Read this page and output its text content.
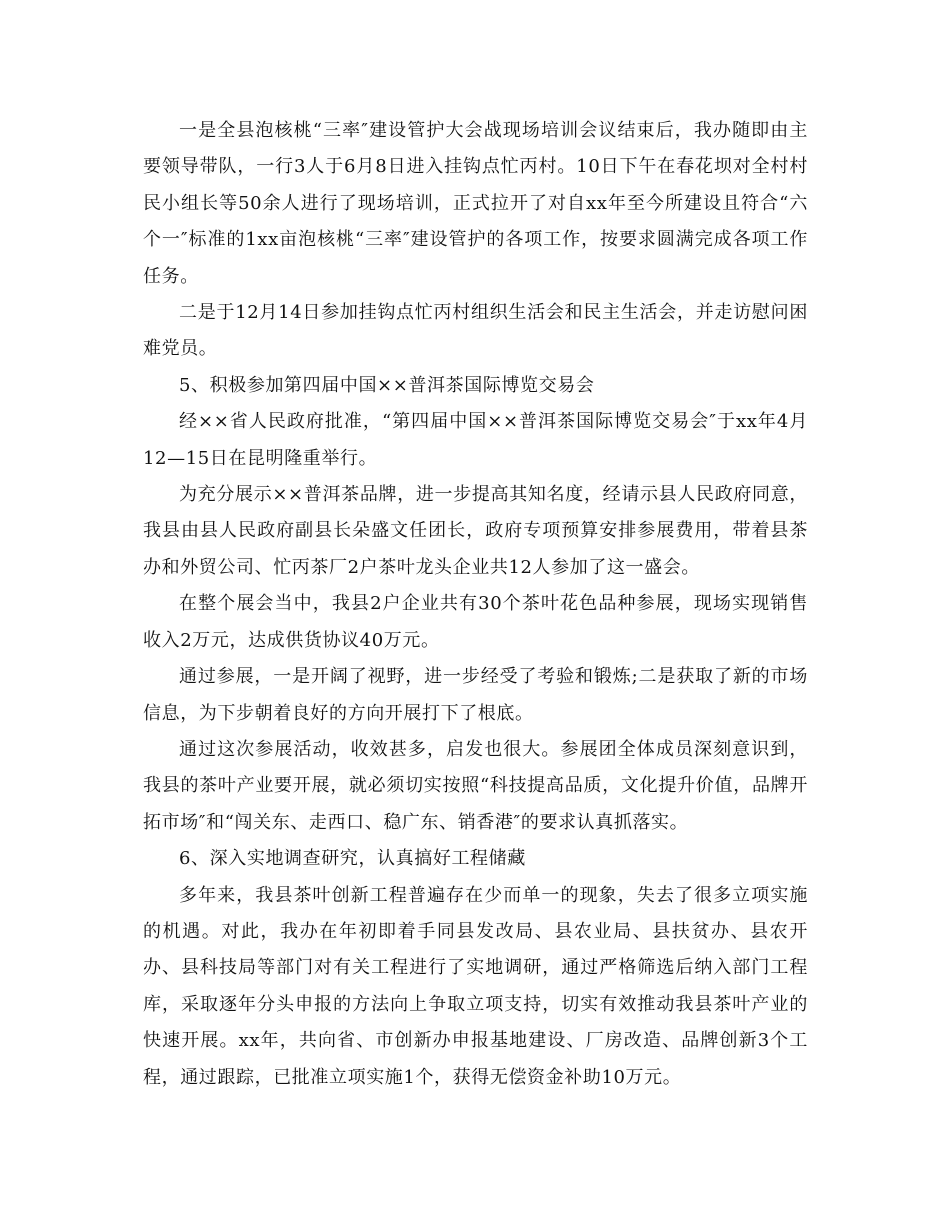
一是全县泡核桃“三率″建设管护大会战现场培训会议结束后，我办随即由主要领导带队，一行3人于6月8日进入挂钩点忙丙村。10日下午在春花坝对全村村民小组长等50余人进行了现场培训，正式拉开了对自xx年至今所建设且符合“六个一″标准的1xx亩泡核桃“三率″建设管护的各项工作，按要求圆满完成各项工作任务。

二是于12月14日参加挂钩点忙丙村组织生活会和民主生活会，并走访慰问困难党员。

5、积极参加第四届中国××普洱茶国际博览交易会

经××省人民政府批准，“第四届中国××普洱茶国际博览交易会″于xx年4月12—15日在昆明隆重举行。

为充分展示××普洱茶品牌，进一步提高其知名度，经请示县人民政府同意，我县由县人民政府副县长朵盛文任团长，政府专项预算安排参展费用，带着县茶办和外贸公司、忙丙茶厂2户茶叶龙头企业共12人参加了这一盛会。

在整个展会当中，我县2户企业共有30个茶叶花色品种参展，现场实现销售收入2万元，达成供货协议40万元。

通过参展，一是开阔了视野，进一步经受了考验和锻炼;二是获取了新的市场信息，为下步朝着良好的方向开展打下了根底。

通过这次参展活动，收效甚多，启发也很大。参展团全体成员深刻意识到，我县的茶叶产业要开展，就必须切实按照“科技提高品质，文化提升价值，品牌开拓市场″和“闯关东、走西口、稳广东、销香港″的要求认真抓落实。

6、深入实地调查研究，认真搞好工程储藏

多年来，我县茶叶创新工程普遍存在少而单一的现象，失去了很多立项实施的机遇。对此，我办在年初即着手同县发改局、县农业局、县扶贫办、县农开办、县科技局等部门对有关工程进行了实地调研，通过严格筛选后纳入部门工程库，采取逐年分头申报的方法向上争取立项支持，切实有效推动我县茶叶产业的快速开展。xx年，共向省、市创新办申报基地建设、厂房改造、品牌创新3个工程，通过跟踪，已批准立项实施1个，获得无偿资金补助10万元。
